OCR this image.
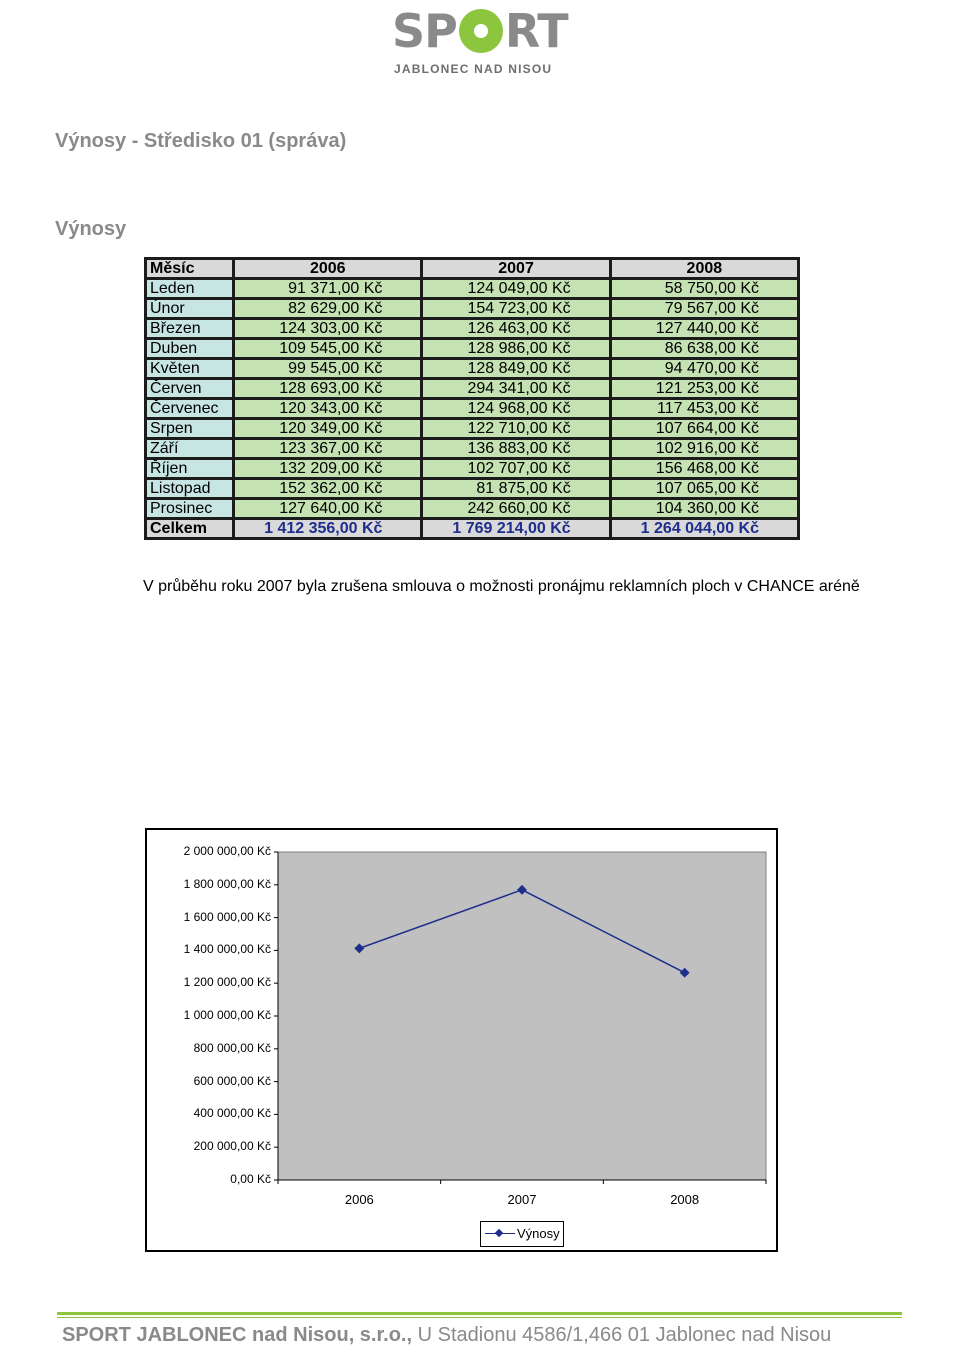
SP RT
JABLONEC NAD NISOU
Výnosy - Středisko 01 (správa)
Výnosy
Měsíc	2006	2007	2008
Leden	91 371,00 Kč	124 049,00 Kč	58 750,00 Kč
Únor	82 629,00 Kč	154 723,00 Kč	79 567,00 Kč
Březen	124 303,00 Kč	126 463,00 Kč	127 440,00 Kč
Duben	109 545,00 Kč	128 986,00 Kč	86 638,00 Kč
Květen	99 545,00 Kč	128 849,00 Kč	94 470,00 Kč
Červen	128 693,00 Kč	294 341,00 Kč	121 253,00 Kč
Červenec	120 343,00 Kč	124 968,00 Kč	117 453,00 Kč
Srpen	120 349,00 Kč	122 710,00 Kč	107 664,00 Kč
Září	123 367,00 Kč	136 883,00 Kč	102 916,00 Kč
Říjen	132 209,00 Kč	102 707,00 Kč	156 468,00 Kč
Listopad	152 362,00 Kč	81 875,00 Kč	107 065,00 Kč
Prosinec	127 640,00 Kč	242 660,00 Kč	104 360,00 Kč
Celkem	1 412 356,00 Kč	1 769 214,00 Kč	1 264 044,00 Kč
V průběhu roku 2007 byla zrušena smlouva o možnosti pronájmu reklamních ploch v CHANCE aréně
0,00 Kč
200 000,00 Kč
400 000,00 Kč
600 000,00 Kč
800 000,00 Kč
1 000 000,00 Kč
1 200 000,00 Kč
1 400 000,00 Kč
1 600 000,00 Kč
1 800 000,00 Kč
2 000 000,00 Kč
2006	2007	2008
Výnosy
SPORT JABLONEC nad Nisou, s.r.o., U Stadionu 4586/1,466 01 Jablonec nad Nisou
